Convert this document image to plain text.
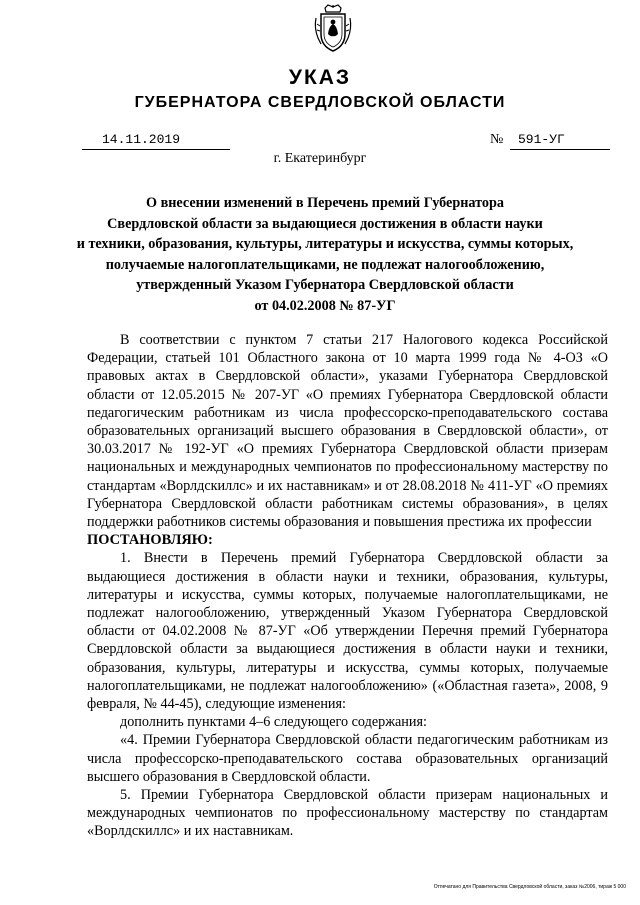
УКАЗ
ГУБЕРНАТОРА СВЕРДЛОВСКОЙ ОБЛАСТИ
14.11.2019	№ 591-УГ
г. Екатеринбург
О внесении изменений в Перечень премий Губернатора
Свердловской области за выдающиеся достижения в области науки
и техники, образования, культуры, литературы и искусства, суммы которых,
получаемые налогоплательщиками, не подлежат налогообложению,
утвержденный Указом Губернатора Свердловской области
от 04.02.2008 № 87-УГ

В соответствии с пунктом 7 статьи 217 Налогового кодекса Российской Федерации, статьей 101 Областного закона от 10 марта 1999 года № 4-ОЗ «О правовых актах в Свердловской области», указами Губернатора Свердловской области от 12.05.2015 № 207-УГ «О премиях Губернатора Свердловской области педагогическим работникам из числа профессорско-преподавательского состава образовательных организаций высшего образования в Свердловской области», от 30.03.2017 № 192-УГ «О премиях Губернатора Свердловской области призерам национальных и международных чемпионатов по профессиональному мастерству по стандартам «Ворлдскиллс» и их наставникам» и от 28.08.2018 № 411-УГ «О премиях Губернатора Свердловской области работникам системы образования», в целях поддержки работников системы образования и повышения престижа их профессии

ПОСТАНОВЛЯЮ:

1. Внести в Перечень премий Губернатора Свердловской области за выдающиеся достижения в области науки и техники, образования, культуры, литературы и искусства, суммы которых, получаемые налогоплательщиками, не подлежат налогообложению, утвержденный Указом Губернатора Свердловской области от 04.02.2008 № 87-УГ «Об утверждении Перечня премий Губернатора Свердловской области за выдающиеся достижения в области науки и техники, образования, культуры, литературы и искусства, суммы которых, получаемые налогоплательщиками, не подлежат налогообложению» («Областная газета», 2008, 9 февраля, № 44-45), следующие изменения:

дополнить пунктами 4–6 следующего содержания:

«4. Премии Губернатора Свердловской области педагогическим работникам из числа профессорско-преподавательского состава образовательных организаций высшего образования в Свердловской области.

5. Премии Губернатора Свердловской области призерам национальных и международных чемпионатов по профессиональному мастерству по стандартам «Ворлдскиллс» и их наставникам.

Отпечатано для Правительства Свердловской области, заказ №2006, тираж 5 000
